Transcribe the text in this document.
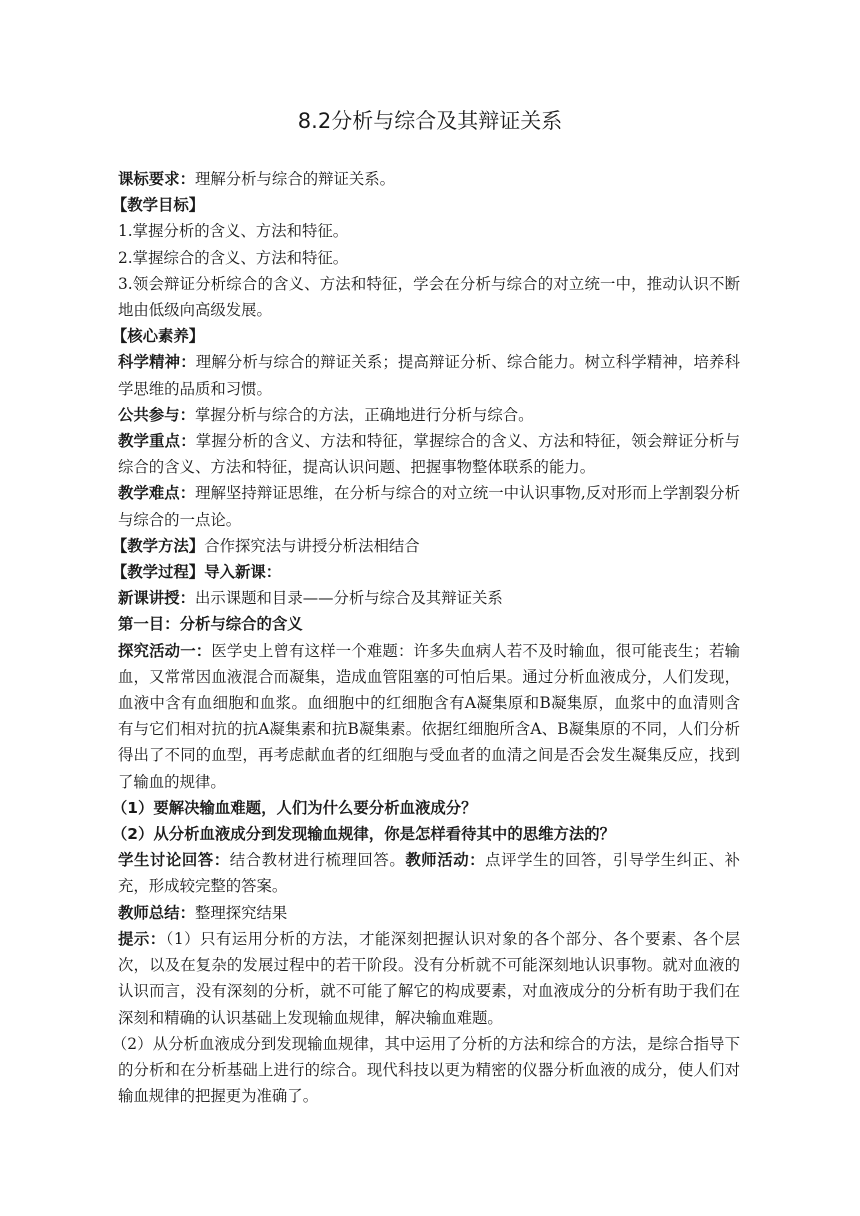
8.2分析与综合及其辩证关系

课标要求：理解分析与综合的辩证关系。

【教学目标】

1.掌握分析的含义、方法和特征。

2.掌握综合的含义、方法和特征。

3.领会辩证分析综合的含义、方法和特征，学会在分析与综合的对立统一中，推动认识不断地由低级向高级发展。

【核心素养】

科学精神：理解分析与综合的辩证关系；提高辩证分析、综合能力。树立科学精神，培养科学思维的品质和习惯。

公共参与：掌握分析与综合的方法，正确地进行分析与综合。

教学重点：掌握分析的含义、方法和特征，掌握综合的含义、方法和特征，领会辩证分析与综合的含义、方法和特征，提高认识问题、把握事物整体联系的能力。

教学难点：理解坚持辩证思维，在分析与综合的对立统一中认识事物,反对形而上学割裂分析与综合的一点论。

【教学方法】合作探究法与讲授分析法相结合

【教学过程】导入新课：

新课讲授：出示课题和目录——分析与综合及其辩证关系

第一目：分析与综合的含义

探究活动一：医学史上曾有这样一个难题：许多失血病人若不及时输血，很可能丧生；若输血，又常常因血液混合而凝集，造成血管阻塞的可怕后果。通过分析血液成分，人们发现，血液中含有血细胞和血浆。血细胞中的红细胞含有A凝集原和B凝集原，血浆中的血清则含有与它们相对抗的抗A凝集素和抗B凝集素。依据红细胞所含A、B凝集原的不同，人们分析得出了不同的血型，再考虑献血者的红细胞与受血者的血清之间是否会发生凝集反应，找到了输血的规律。

（1）要解决输血难题，人们为什么要分析血液成分？

（2）从分析血液成分到发现输血规律，你是怎样看待其中的思维方法的？

学生讨论回答：结合教材进行梳理回答。教师活动：点评学生的回答，引导学生纠正、补充，形成较完整的答案。

教师总结：整理探究结果

提示：（1）只有运用分析的方法，才能深刻把握认识对象的各个部分、各个要素、各个层次，以及在复杂的发展过程中的若干阶段。没有分析就不可能深刻地认识事物。就对血液的认识而言，没有深刻的分析，就不可能了解它的构成要素，对血液成分的分析有助于我们在深刻和精确的认识基础上发现输血规律，解决输血难题。

（2）从分析血液成分到发现输血规律，其中运用了分析的方法和综合的方法，是综合指导下的分析和在分析基础上进行的综合。现代科技以更为精密的仪器分析血液的成分，使人们对输血规律的把握更为准确了。
